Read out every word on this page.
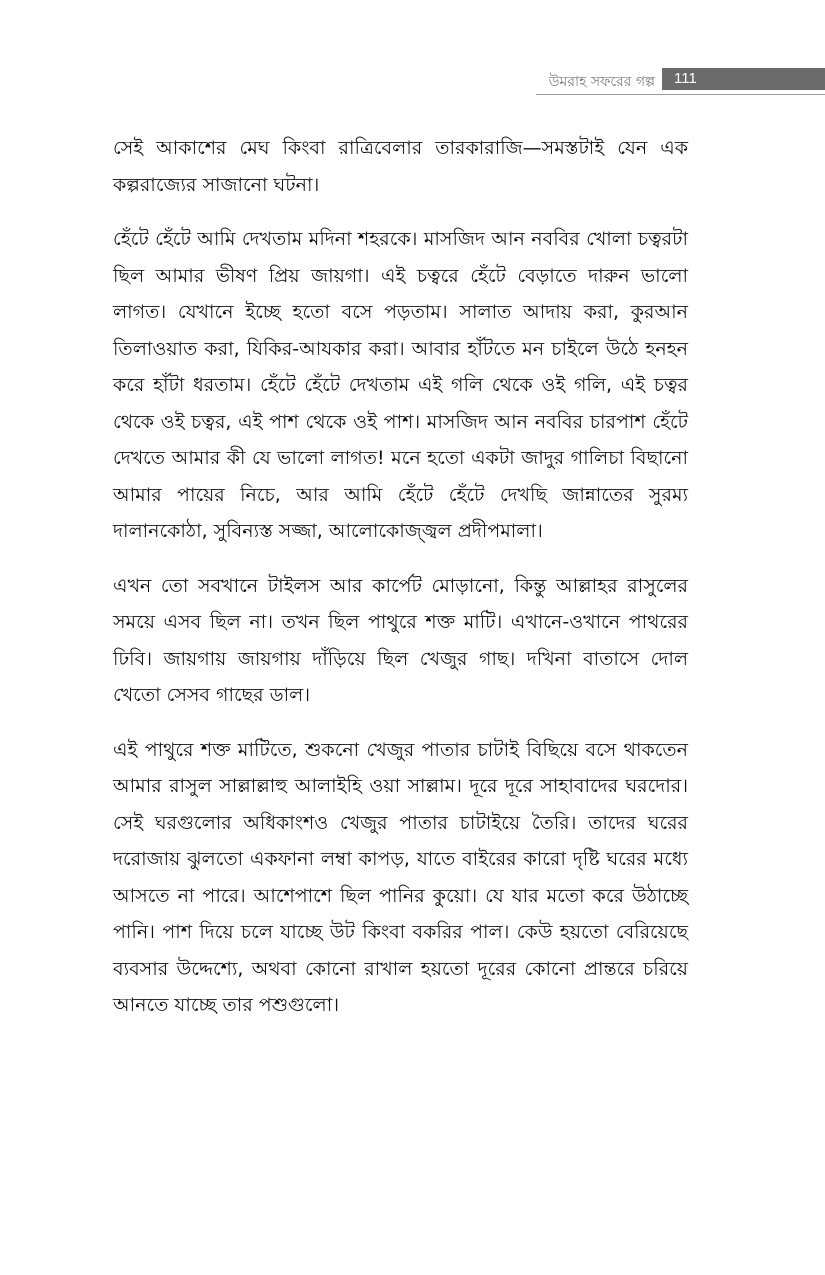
উমরাহ সফরের গল্প 111

সেই আকাশের মেঘ কিংবা রাত্রিবেলার তারকারাজি—সমস্তটাই যেন এক কল্পরাজ্যের সাজানো ঘটনা।

হেঁটে হেঁটে আমি দেখতাম মদিনা শহরকে। মাসজিদ আন নববির খোলা চত্বরটা ছিল আমার ভীষণ প্রিয় জায়গা। এই চত্বরে হেঁটে বেড়াতে দারুন ভালো লাগত। যেখানে ইচ্ছে হতো বসে পড়তাম। সালাত আদায় করা, কুরআন তিলাওয়াত করা, যিকির-আযকার করা। আবার হাঁটতে মন চাইলে উঠে হনহন করে হাঁটা ধরতাম। হেঁটে হেঁটে দেখতাম এই গলি থেকে ওই গলি, এই চত্বর থেকে ওই চত্বর, এই পাশ থেকে ওই পাশ। মাসজিদ আন নববির চারপাশ হেঁটে দেখতে আমার কী যে ভালো লাগত! মনে হতো একটা জাদুর গালিচা বিছানো আমার পায়ের নিচে, আর আমি হেঁটে হেঁটে দেখছি জান্নাতের সুরম্য দালানকোঠা, সুবিন্যস্ত সজ্জা, আলোকোজ্জ্বল প্রদীপমালা।

এখন তো সবখানে টাইলস আর কার্পেট মোড়ানো, কিন্তু আল্লাহর রাসুলের সময়ে এসব ছিল না। তখন ছিল পাথুরে শক্ত মাটি। এখানে-ওখানে পাথরের ঢিবি। জায়গায় জায়গায় দাঁড়িয়ে ছিল খেজুর গাছ। দখিনা বাতাসে দোল খেতো সেসব গাছের ডাল।

এই পাথুরে শক্ত মাটিতে, শুকনো খেজুর পাতার চাটাই বিছিয়ে বসে থাকতেন আমার রাসুল সাল্লাল্লাহু আলাইহি ওয়া সাল্লাম। দূরে দূরে সাহাবাদের ঘরদোর। সেই ঘরগুলোর অধিকাংশও খেজুর পাতার চাটাইয়ে তৈরি। তাদের ঘরের দরোজায় ঝুলতো একফানা লম্বা কাপড়, যাতে বাইরের কারো দৃষ্টি ঘরের মধ্যে আসতে না পারে। আশেপাশে ছিল পানির কুয়ো। যে যার মতো করে উঠাচ্ছে পানি। পাশ দিয়ে চলে যাচ্ছে উট কিংবা বকরির পাল। কেউ হয়তো বেরিয়েছে ব্যবসার উদ্দেশ্যে, অথবা কোনো রাখাল হয়তো দূরের কোনো প্রান্তরে চরিয়ে আনতে যাচ্ছে তার পশুগুলো।
